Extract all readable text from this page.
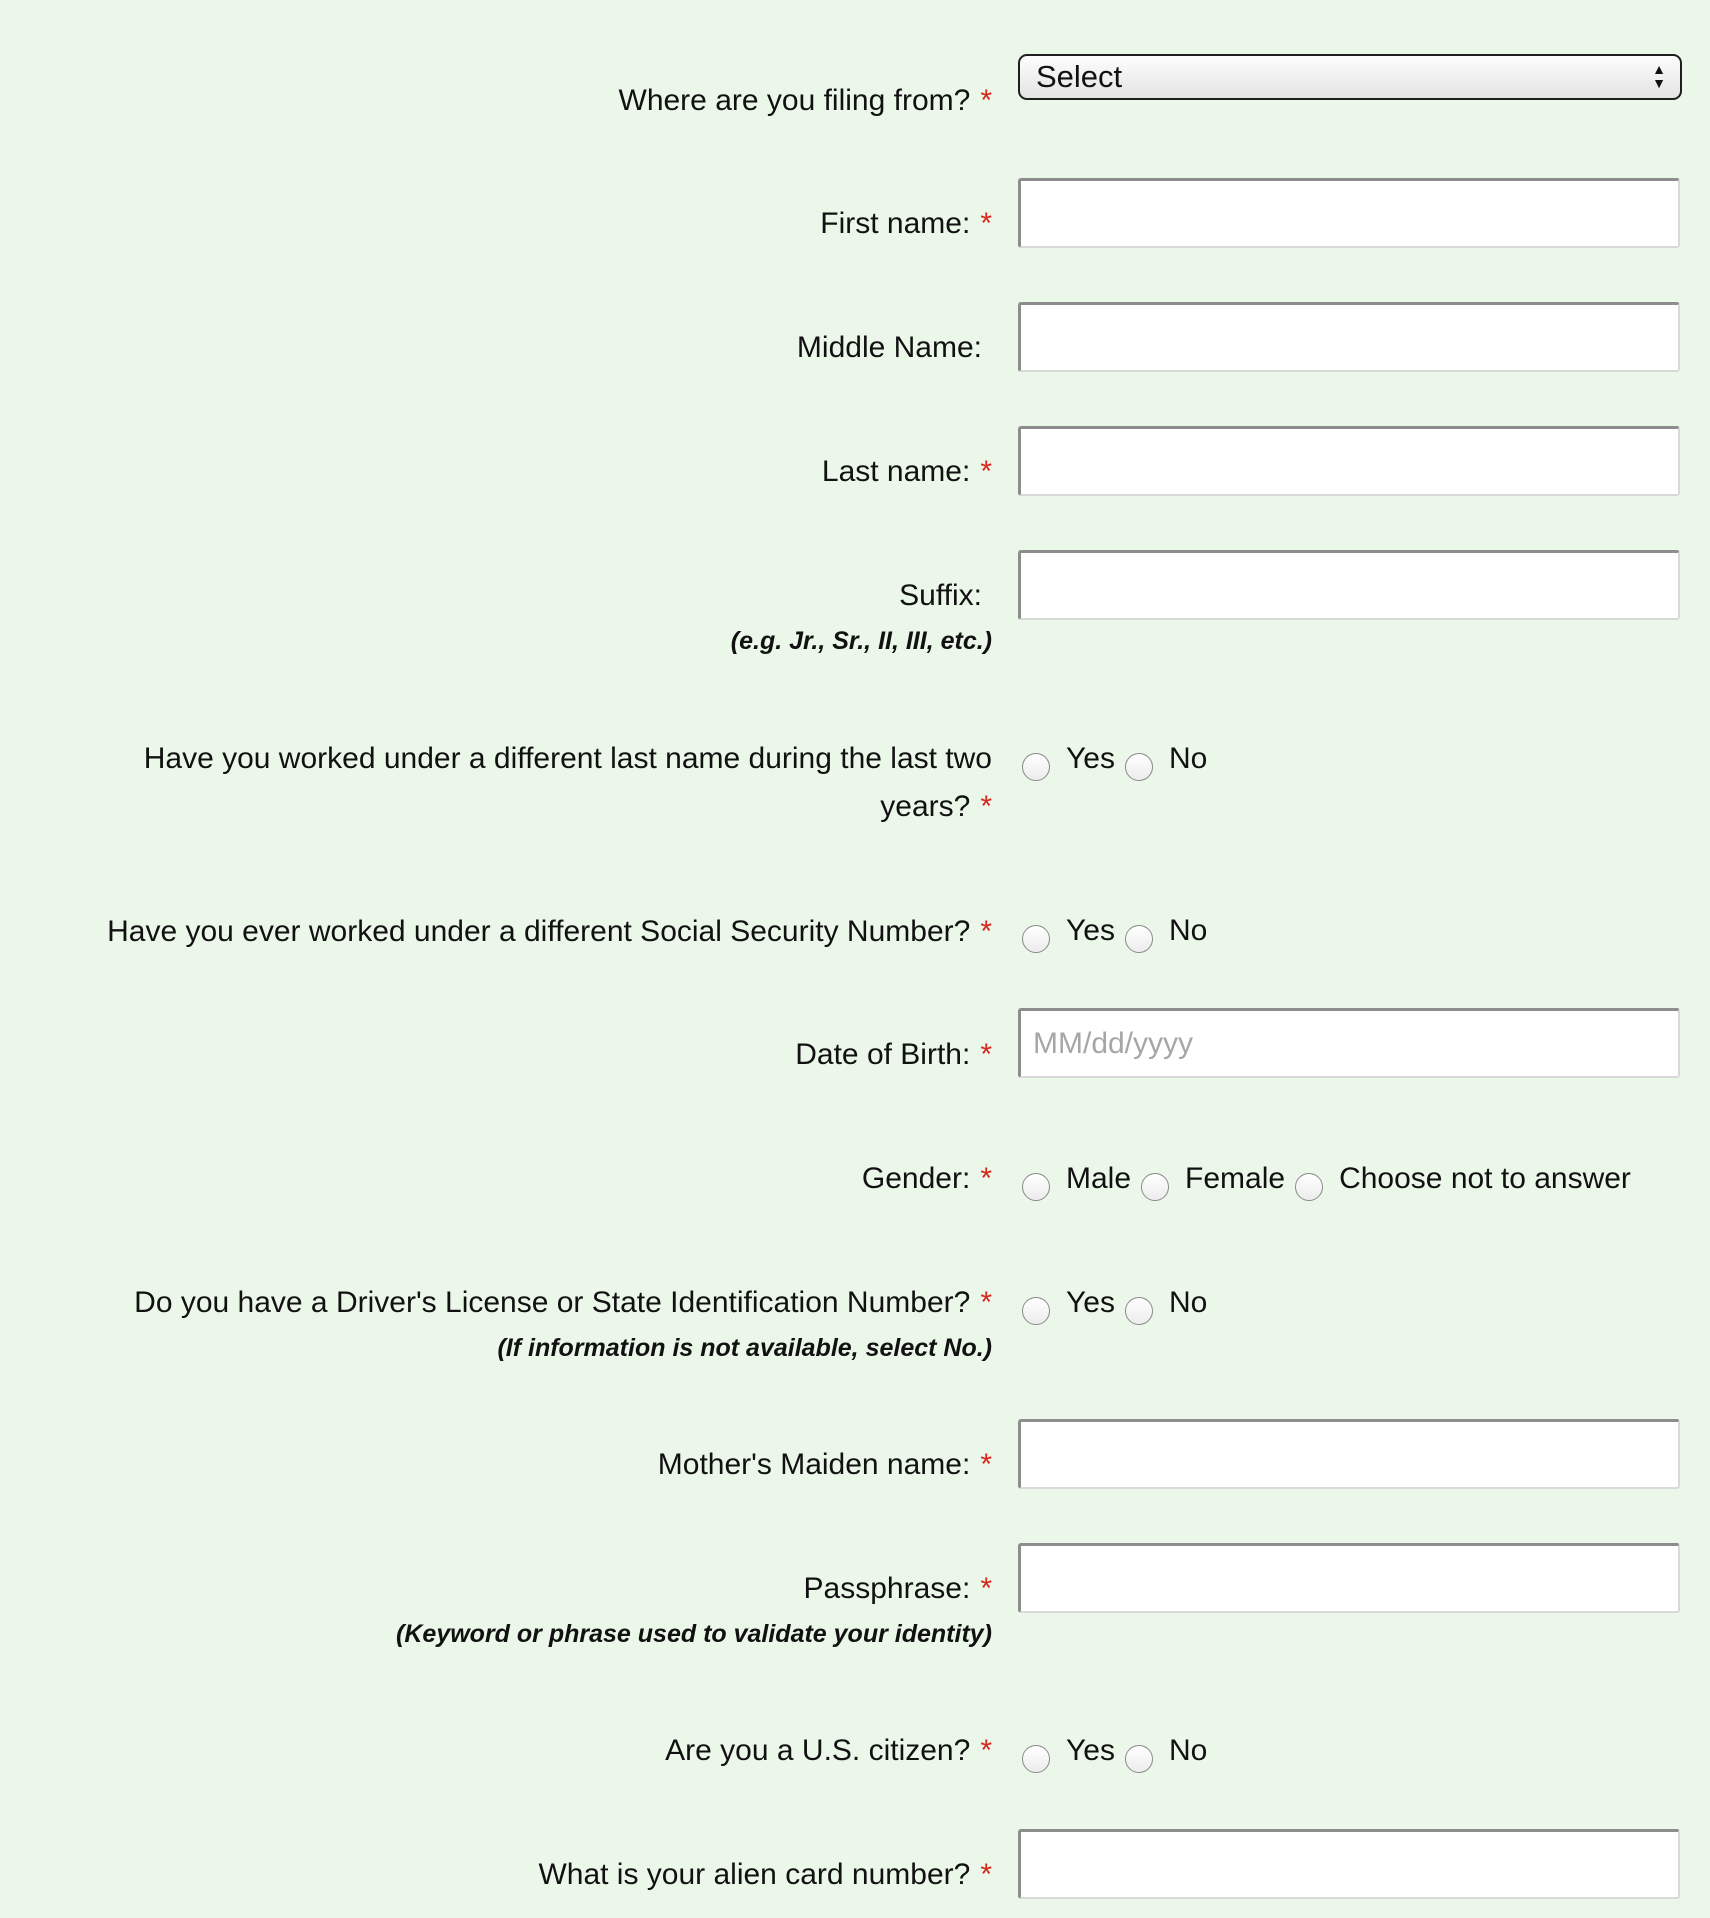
Where are you filing from? *
Select	▲
▼
First name: *
Middle Name:
Last name: *
Suffix:
(e.g. Jr., Sr., II, III, etc.)
Have you worked under a different last name during the last two years? *
Yes No
Have you ever worked under a different Social Security Number? * Yes No
Date of Birth: *
MM/dd/yyyy
Gender: * Male Female Choose not to answer
Do you have a Driver's License or State Identification Number? *
(If information is not available, select No.)
Yes No
Mother's Maiden name: *
Passphrase: *
(Keyword or phrase used to validate your identity)
Are you a U.S. citizen? * Yes No
What is your alien card number? *
